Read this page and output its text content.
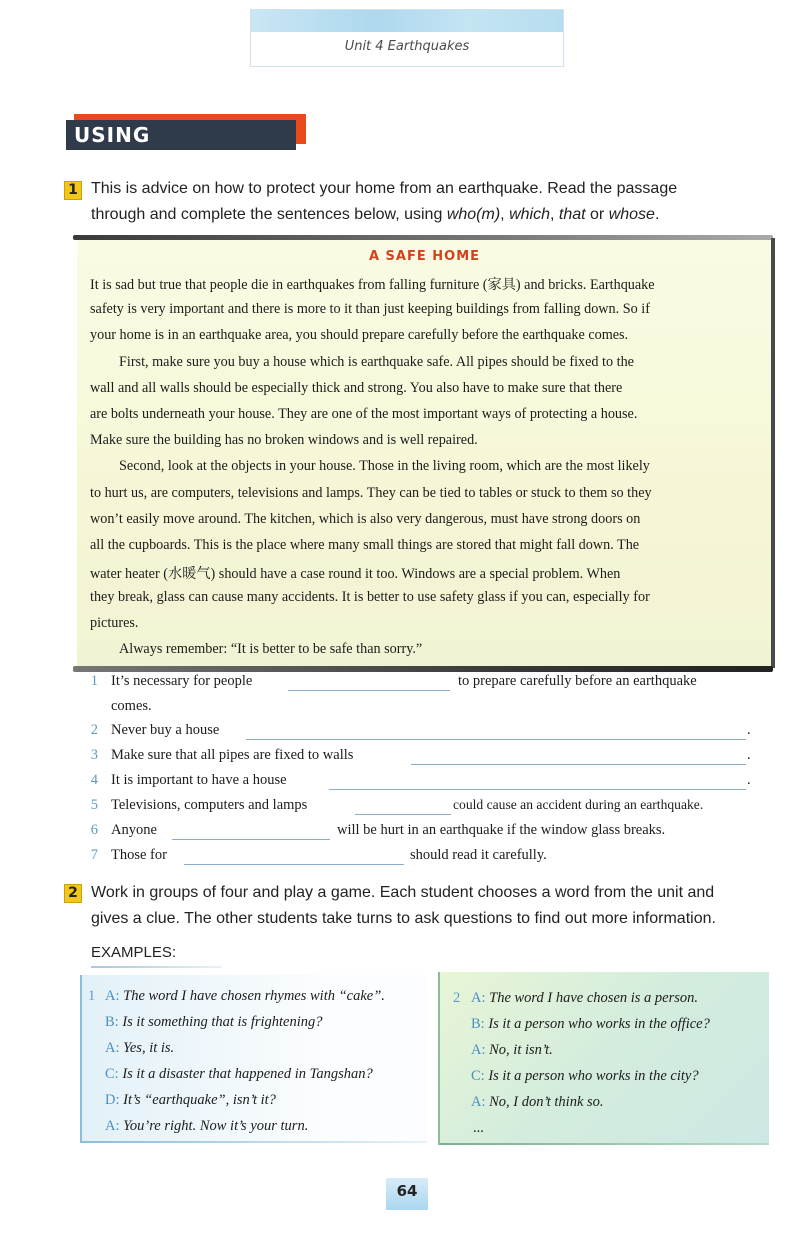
Unit 4 Earthquakes
USING STRUCTURES
1 This is advice on how to protect your home from an earthquake. Read the passage
through and complete the sentences below, using who(m), which, that or whose.
A SAFE HOME
It is sad but true that people die in earthquakes from falling furniture (家具) and bricks. Earthquake
safety is very important and there is more to it than just keeping buildings from falling down. So if
your home is in an earthquake area, you should prepare carefully before the earthquake comes.
First, make sure you buy a house which is earthquake safe. All pipes should be fixed to the
wall and all walls should be especially thick and strong. You also have to make sure that there
are bolts underneath your house. They are one of the most important ways of protecting a house.
Make sure the building has no broken windows and is well repaired.
Second, look at the objects in your house. Those in the living room, which are the most likely
to hurt us, are computers, televisions and lamps. They can be tied to tables or stuck to them so they
won’t easily move around. The kitchen, which is also very dangerous, must have strong doors on
all the cupboards. This is the place where many small things are stored that might fall down. The
water heater (水暖气) should have a case round it too. Windows are a special problem. When
they break, glass can cause many accidents. It is better to use safety glass if you can, especially for
pictures.
Always remember: “It is better to be safe than sorry.”
1 It’s necessary for people	to prepare carefully before an earthquake
comes.
2 Never buy a house	.
3 Make sure that all pipes are fixed to walls	.
4 It is important to have a house	.
5 Televisions, computers and lamps	could cause an accident during an earthquake.
6 Anyone	will be hurt in an earthquake if the window glass breaks.
7 Those for	should read it carefully.
2 Work in groups of four and play a game. Each student chooses a word from the unit and
gives a clue. The other students take turns to ask questions to find out more information.
EXAMPLES:
1 A: The word I have chosen rhymes with “cake”.
B: Is it something that is frightening?
A: Yes, it is.
C: Is it a disaster that happened in Tangshan?
D: It’s “earthquake”, isn’t it?
A: You’re right. Now it’s your turn.
2 A: The word I have chosen is a person.
B: Is it a person who works in the office?
A: No, it isn’t.
C: Is it a person who works in the city?
A: No, I don’t think so.
...
64
